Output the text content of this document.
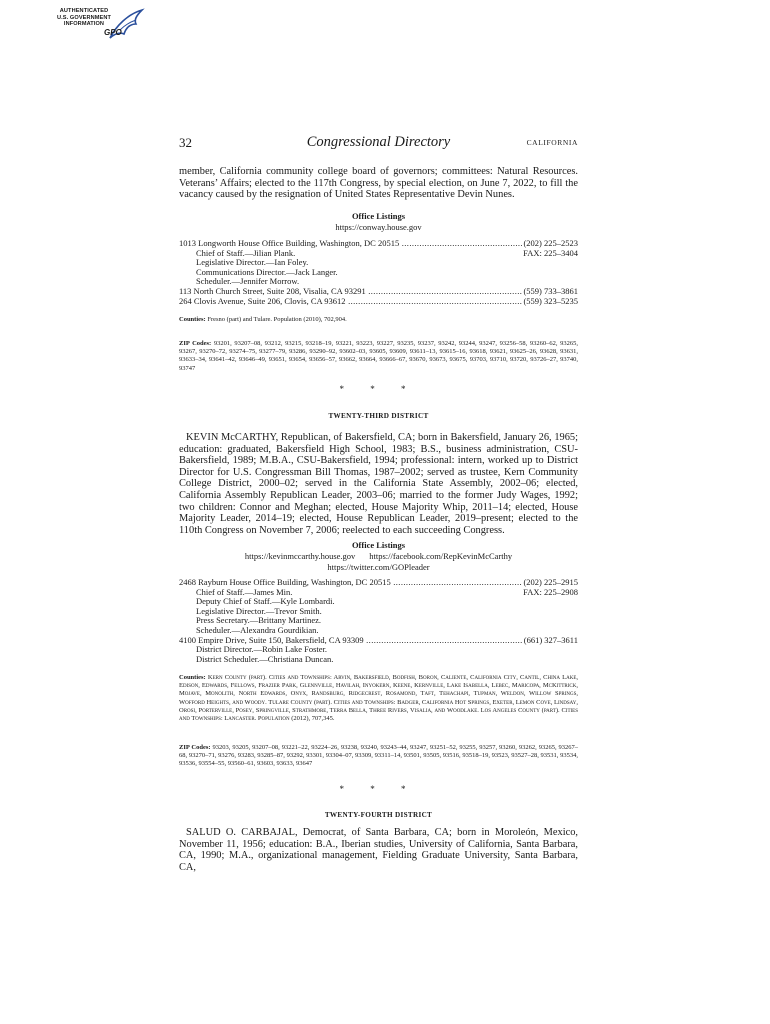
AUTHENTICATED
U.S. GOVERNMENT
INFORMATION
GPO
32	Congressional Directory	CALIFORNIA

member, California community college board of governors; committees: Natural Resources. Veterans’ Affairs; elected to the 117th Congress, by special election, on June 7, 2022, to fill the vacancy caused by the resignation of United States Representative Devin Nunes.

Office Listings
https://conway.house.gov
1013 Longworth House Office Building, Washington, DC 20515 .....	(202) 225–2523
Chief of Staff.—Jilian Plank.	FAX: 225–3404
Legislative Director.—Ian Foley.
Communications Director.—Jack Langer.
Scheduler.—Jennifer Morrow.
113 North Church Street, Suite 208, Visalia, CA 93291 .....	(559) 733–3861
264 Clovis Avenue, Suite 206, Clovis, CA 93612 .....	(559) 323–5235

Counties: Fresno (part) and Tulare. Population (2010), 702,904.

ZIP Codes: 93201, 93207–08, 93212, 93215, 93218–19, 93221, 93223, 93227, 93235, 93237, 93242, 93244, 93247, 93256–58, 93260–62, 93265, 93267, 93270–72, 93274–75, 93277–79, 93286, 93290–92, 93602–03, 93605, 93609, 93611–13, 93615–16, 93618, 93621, 93625–26, 93628, 93631, 93633–34, 93641–42, 93646–49, 93651, 93654, 93656–57, 93662, 93664, 93666–67, 93670, 93673, 93675, 93703, 93710, 93720, 93726–27, 93740, 93747

* * *
TWENTY-THIRD DISTRICT

KEVIN McCARTHY, Republican, of Bakersfield, CA; born in Bakersfield, January 26, 1965; education: graduated, Bakersfield High School, 1983; B.S., business administration, CSU-Bakersfield, 1989; M.B.A., CSU-Bakersfield, 1994; professional: intern, worked up to District Director for U.S. Congressman Bill Thomas, 1987–2002; served as trustee, Kern Community College District, 2000–02; served in the California State Assembly, 2002–06; elected, California Assembly Republican Leader, 2003–06; married to the former Judy Wages, 1992; two children: Connor and Meghan; elected, House Majority Whip, 2011–14; elected, House Majority Leader, 2014–19; elected, House Republican Leader, 2019–present; elected to the 110th Congress on November 7, 2006; reelected to each succeeding Congress.

Office Listings
https://kevinmccarthy.house.gov https://facebook.com/RepKevinMcCarthy
https://twitter.com/GOPleader
2468 Rayburn House Office Building, Washington, DC 20515 .....	(202) 225–2915
Chief of Staff.—James Min.	FAX: 225–2908
Deputy Chief of Staff.—Kyle Lombardi.
Legislative Director.—Trevor Smith.
Press Secretary.—Brittany Martinez.
Scheduler.—Alexandra Gourdikian.
4100 Empire Drive, Suite 150, Bakersfield, CA 93309 .....	(661) 327–3611
District Director.—Robin Lake Foster.
District Scheduler.—Christiana Duncan.

Counties: Kern County (part). Cities and Townships: Arvin, Bakersfield, Bodfish, Boron, Caliente, California City, Cantil, China Lake, Edison, Edwards, Fellows, Frazier Park, Glennville, Havilah, Inyokern, Keene, Kernville, Lake Isabella, Lebec, Maricopa, McKittrick, Mojave, Monolith, North Edwards, Onyx, Randsburg, Ridgecrest, Rosamond, Taft, Tehachapi, Tupman, Weldon, Willow Springs, Wofford Heights, and Woody. Tulare County (part). Cities and Townships: Badger, California Hot Springs, Exeter, Lemon Cove, Lindsay, Orosi, Porterville, Posey, Springville, Strathmore, Terra Bella, Three Rivers, Visalia, and Woodlake. Los Angeles County (part). Cities and Townships: Lancaster. Population (2012), 707,345.

ZIP Codes: 93203, 93205, 93207–08, 93221–22, 93224–26, 93238, 93240, 93243–44, 93247, 93251–52, 93255, 93257, 93260, 93262, 93265, 93267–68, 93270–71, 93276, 93283, 93285–87, 93292, 93301, 93304–07, 93309, 93311–14, 93501, 93505, 93516, 93518–19, 93523, 93527–28, 93531, 93534, 93536, 93554–55, 93560–61, 93603, 93633, 93647

* * *
TWENTY-FOURTH DISTRICT

SALUD O. CARBAJAL, Democrat, of Santa Barbara, CA; born in Moroleón, Mexico, November 11, 1956; education: B.A., Iberian studies, University of California, Santa Barbara, CA, 1990; M.A., organizational management, Fielding Graduate University, Santa Barbara, CA,
